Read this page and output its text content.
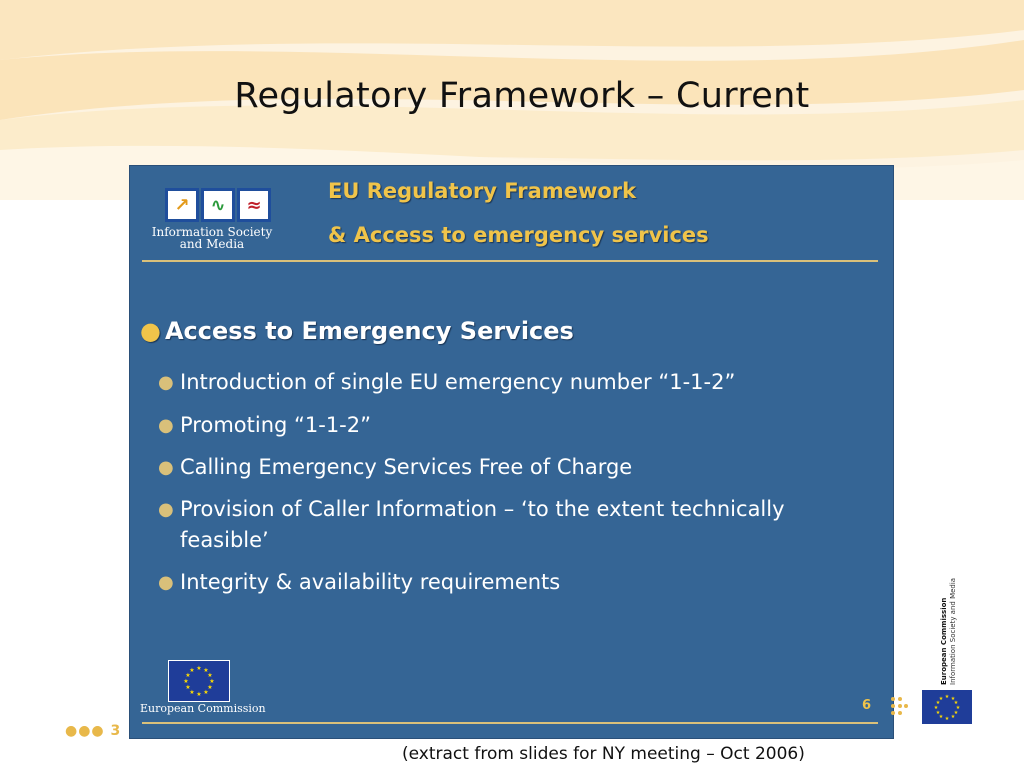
Regulatory Framework – Current
↗	∿	≈
Information Society
and Media
EU Regulatory Framework
& Access to emergency services
● Access to Emergency Services
● Introduction of single EU emergency number “1-1-2”
● Promoting “1-1-2”
● Calling Emergency Services Free of Charge
● Provision of Caller Information – ‘to the extent technically feasible’
● Integrity & availability requirements
★ ★
★
★
★
★
★
★
★
★
★
★
European Commission	6
●●● 3
European Commission Information Society and Media
★ ★
★
★
★
★
★
★
★
★
★
★
(extract from slides for NY meeting – Oct 2006)
